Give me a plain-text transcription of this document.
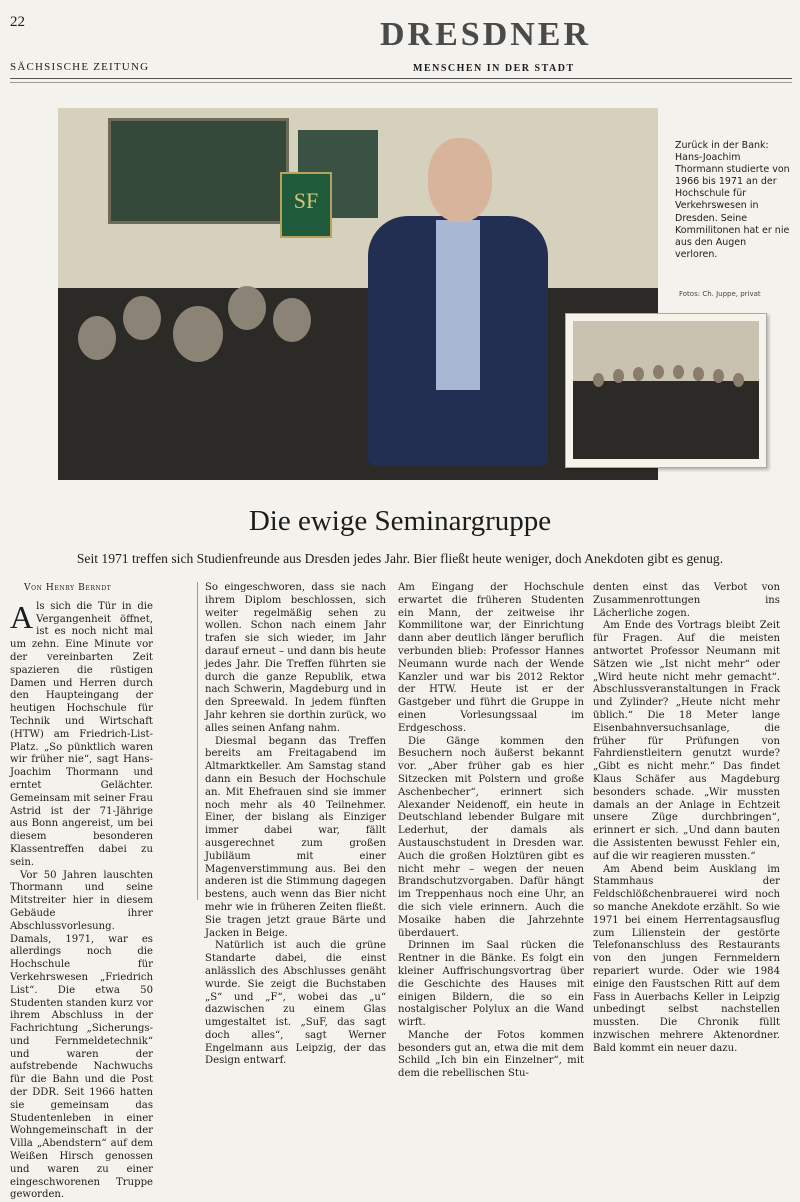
22
SÄCHSISCHE ZEITUNG
DRESDNER
MENSCHEN IN DER STADT
SF
Zurück in der Bank: Hans-Joachim Thormann studierte von 1966 bis 1971 an der Hochschule für Verkehrswesen in Dresden. Seine Kommilitonen hat er nie aus den Augen verloren.
Fotos: Ch. Juppe, privat
Die ewige Seminargruppe
Seit 1971 treffen sich Studienfreunde aus Dresden jedes Jahr. Bier fließt heute weniger, doch Anekdoten gibt es genug.
Von Henry Berndt

Als sich die Tür in die Vergangenheit öffnet, ist es noch nicht mal um zehn. Eine Minute vor der vereinbarten Zeit spazieren die rüstigen Damen und Herren durch den Haupteingang der heutigen Hochschule für Technik und Wirtschaft (HTW) am Friedrich-List-Platz. „So pünktlich waren wir früher nie“, sagt Hans-Joachim Thormann und erntet Gelächter. Gemeinsam mit seiner Frau Astrid ist der 71-Jährige aus Bonn angereist, um bei diesem besonderen Klassentreffen dabei zu sein.

Vor 50 Jahren lauschten Thormann und seine Mitstreiter hier in diesem Gebäude ihrer Abschlussvorlesung. Damals, 1971, war es allerdings noch die Hochschule für Verkehrswesen „Friedrich List“. Die etwa 50 Studenten standen kurz vor ihrem Abschluss in der Fachrichtung „Sicherungs- und Fernmeldetechnik“ und waren der aufstrebende Nachwuchs für die Bahn und die Post der DDR. Seit 1966 hatten sie gemeinsam das Studentenleben in einer Wohngemeinschaft in der Villa „Abendstern“ auf dem Weißen Hirsch genossen und waren zu einer eingeschworenen Truppe geworden.

So eingeschworen, dass sie nach ihrem Diplom beschlossen, sich weiter regelmäßig sehen zu wollen. Schon nach einem Jahr trafen sie sich wieder, im Jahr darauf erneut – und dann bis heute jedes Jahr. Die Treffen führten sie durch die ganze Republik, etwa nach Schwerin, Magdeburg und in den Spreewald. In jedem fünften Jahr kehren sie dorthin zurück, wo alles seinen Anfang nahm.

Diesmal begann das Treffen bereits am Freitagabend im Altmarktkeller. Am Samstag stand dann ein Besuch der Hochschule an. Mit Ehefrauen sind sie immer noch mehr als 40 Teilnehmer. Einer, der bislang als Einziger immer dabei war, fällt ausgerechnet zum großen Jubiläum mit einer Magenverstimmung aus. Bei den anderen ist die Stimmung dagegen bestens, auch wenn das Bier nicht mehr wie in früheren Zeiten fließt. Sie tragen jetzt graue Bärte und Jacken in Beige.

Natürlich ist auch die grüne Standarte dabei, die einst anlässlich des Abschlusses genäht wurde. Sie zeigt die Buchstaben „S“ und „F“, wobei das „u“ dazwischen zu einem Glas umgestaltet ist. „SuF, das sagt doch alles“, sagt Werner Engelmann aus Leipzig, der das Design entwarf.

Am Eingang der Hochschule erwartet die früheren Studenten ein Mann, der zeitweise ihr Kommilitone war, der Einrichtung dann aber deutlich länger beruflich verbunden blieb: Professor Hannes Neumann wurde nach der Wende Kanzler und war bis 2012 Rektor der HTW. Heute ist er der Gastgeber und führt die Gruppe in einen Vorlesungssaal im Erdgeschoss.

Die Gänge kommen den Besuchern noch äußerst bekannt vor. „Aber früher gab es hier Sitzecken mit Polstern und große Aschenbecher“, erinnert sich Alexander Neidenoff, ein heute in Deutschland lebender Bulgare mit Lederhut, der damals als Austauschstudent in Dresden war. Auch die großen Holztüren gibt es nicht mehr – wegen der neuen Brandschutzvorgaben. Dafür hängt im Treppenhaus noch eine Uhr, an die sich viele erinnern. Auch die Mosaike haben die Jahrzehnte überdauert.

Drinnen im Saal rücken die Rentner in die Bänke. Es folgt ein kleiner Auffrischungsvortrag über die Geschichte des Hauses mit einigen Bildern, die so ein nostalgischer Polylux an die Wand wirft.

Manche der Fotos kommen besonders gut an, etwa die mit dem Schild „Ich bin ein Einzelner“, mit dem die rebellischen Stu-

denten einst das Verbot von Zusammenrottungen ins Lächerliche zogen.

Am Ende des Vortrags bleibt Zeit für Fragen. Auf die meisten antwortet Professor Neumann mit Sätzen wie „Ist nicht mehr“ oder „Wird heute nicht mehr gemacht“. Abschlussveranstaltungen in Frack und Zylinder? „Heute nicht mehr üblich.“ Die 18 Meter lange Eisenbahnversuchsanlage, die früher für Prüfungen von Fahrdienstleitern genutzt wurde? „Gibt es nicht mehr.“ Das findet Klaus Schäfer aus Magdeburg besonders schade. „Wir mussten damals an der Anlage in Echtzeit unsere Züge durchbringen“, erinnert er sich. „Und dann bauten die Assistenten bewusst Fehler ein, auf die wir reagieren mussten.“

Am Abend beim Ausklang im Stammhaus der Feldschlößchenbrauerei wird noch so manche Anekdote erzählt. So wie 1971 bei einem Herrentagsausflug zum Lilienstein der gestörte Telefonanschluss des Restaurants von den jungen Fernmeldern repariert wurde. Oder wie 1984 einige den Faustschen Ritt auf dem Fass in Auerbachs Keller in Leipzig unbedingt selbst nachstellen mussten. Die Chronik füllt inzwischen mehrere Aktenordner. Bald kommt ein neuer dazu.
